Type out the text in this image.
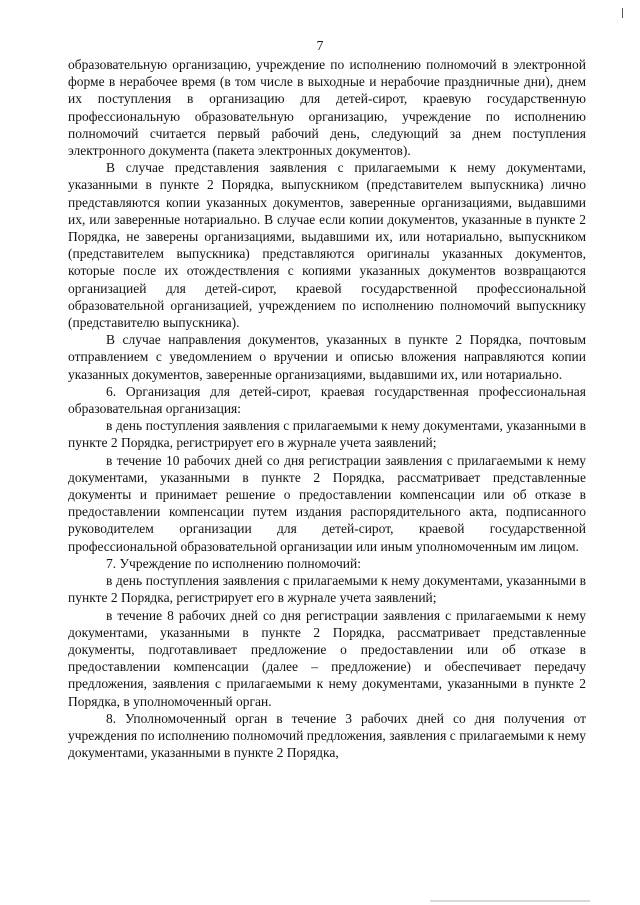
7

образовательную организацию, учреждение по исполнению полномочий в электронной форме в нерабочее время (в том числе в выходные и нерабочие праздничные дни), днем их поступления в организацию для детей-сирот, краевую государственную профессиональную образовательную организацию, учреждение по исполнению полномочий считается первый рабочий день, следующий за днем поступления электронного документа (пакета электронных документов).

В случае представления заявления с прилагаемыми к нему документами, указанными в пункте 2 Порядка, выпускником (представителем выпускника) лично представляются копии указанных документов, заверенные организациями, выдавшими их, или заверенные нотариально. В случае если копии документов, указанные в пункте 2 Порядка, не заверены организациями, выдавшими их, или нотариально, выпускником (представителем выпускника) представляются оригиналы указанных документов, которые после их отождествления с копиями указанных документов возвращаются организацией для детей-сирот, краевой государственной профессиональной образовательной организацией, учреждением по исполнению полномочий выпускнику (представителю выпускника).

В случае направления документов, указанных в пункте 2 Порядка, почтовым отправлением с уведомлением о вручении и описью вложения направляются копии указанных документов, заверенные организациями, выдавшими их, или нотариально.

6. Организация для детей-сирот, краевая государственная профессиональная образовательная организация:

в день поступления заявления с прилагаемыми к нему документами, указанными в пункте 2 Порядка, регистрирует его в журнале учета заявлений;

в течение 10 рабочих дней со дня регистрации заявления с прилагаемыми к нему документами, указанными в пункте 2 Порядка, рассматривает представленные документы и принимает решение о предоставлении компенсации или об отказе в предоставлении компенсации путем издания распорядительного акта, подписанного руководителем организации для детей-сирот, краевой государственной профессиональной образовательной организации или иным уполномоченным им лицом.

7. Учреждение по исполнению полномочий:

в день поступления заявления с прилагаемыми к нему документами, указанными в пункте 2 Порядка, регистрирует его в журнале учета заявлений;

в течение 8 рабочих дней со дня регистрации заявления с прилагаемыми к нему документами, указанными в пункте 2 Порядка, рассматривает представленные документы, подготавливает предложение о предоставлении или об отказе в предоставлении компенсации (далее – предложение) и обеспечивает передачу предложения, заявления с прилагаемыми к нему документами, указанными в пункте 2 Порядка, в уполномоченный орган.

8. Уполномоченный орган в течение 3 рабочих дней со дня получения от учреждения по исполнению полномочий предложения, заявления с прилагаемыми к нему документами, указанными в пункте 2 Порядка,
